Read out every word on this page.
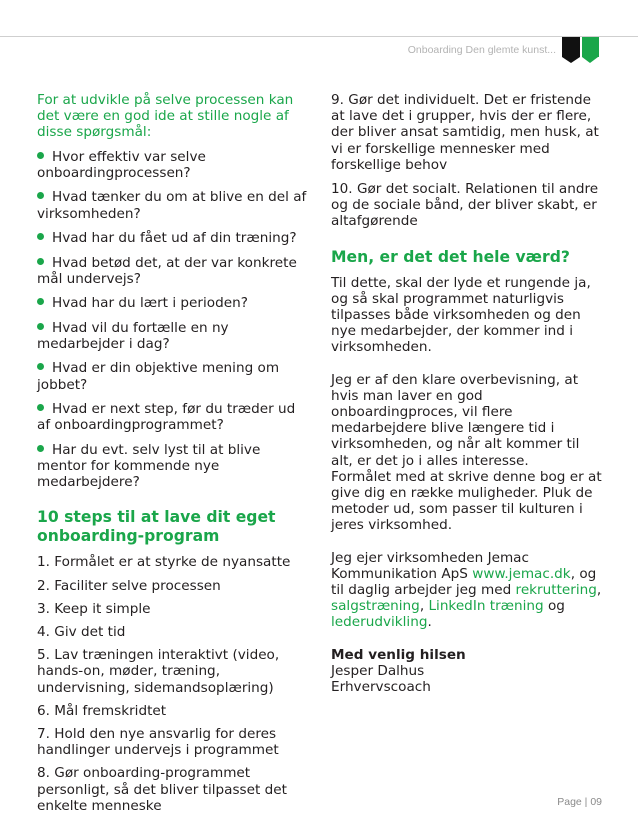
Onboarding Den glemte kunst...

For at udvikle på selve processen kan det være en god ide at stille nogle af disse spørgsmål:

Hvor effektiv var selve onboardingprocessen?
Hvad tænker du om at blive en del af virksomheden?
Hvad har du fået ud af din træning?
Hvad betød det, at der var konkrete mål undervejs?
Hvad har du lært i perioden?
Hvad vil du fortælle en ny medarbejder i dag?
Hvad er din objektive mening om jobbet?
Hvad er next step, før du træder ud af onboardingprogrammet?
Har du evt. selv lyst til at blive mentor for kommende nye medarbejdere?
10 steps til at lave dit eget onboarding-program
1. Formålet er at styrke de nyansatte
2. Faciliter selve processen
3. Keep it simple
4. Giv det tid
5. Lav træningen interaktivt (video, hands-on, møder, træning, undervisning, sidemandsoplæring)
6. Mål fremskridtet
7. Hold den nye ansvarlig for deres handlinger undervejs i programmet
8. Gør onboarding-programmet personligt, så det bliver tilpasset det enkelte menneske

9. Gør det individuelt. Det er fristende at lave det i grupper, hvis der er flere, der bliver ansat samtidig, men husk, at vi er forskellige mennesker med forskellige behov

10. Gør det socialt. Relationen til andre og de sociale bånd, der bliver skabt, er altafgørende

Men, er det det hele værd?

Til dette, skal der lyde et rungende ja, og så skal programmet naturligvis tilpasses både virksomheden og den nye medarbejder, der kommer ind i virksomheden.

Jeg er af den klare overbevisning, at hvis man laver en god onboardingproces, vil flere medarbejdere blive længere tid i virksomheden, og når alt kommer til alt, er det jo i alles interesse.

Formålet med at skrive denne bog er at give dig en række muligheder. Pluk de metoder ud, som passer til kulturen i jeres virksomhed.

Jeg ejer virksomheden Jemac Kommunikation ApS www.jemac.dk, og til daglig arbejder jeg med rekruttering, salgstræning, LinkedIn træning og lederudvikling.

Med venlig hilsen

Jesper Dalhus

Erhvervscoach

Page | 09
